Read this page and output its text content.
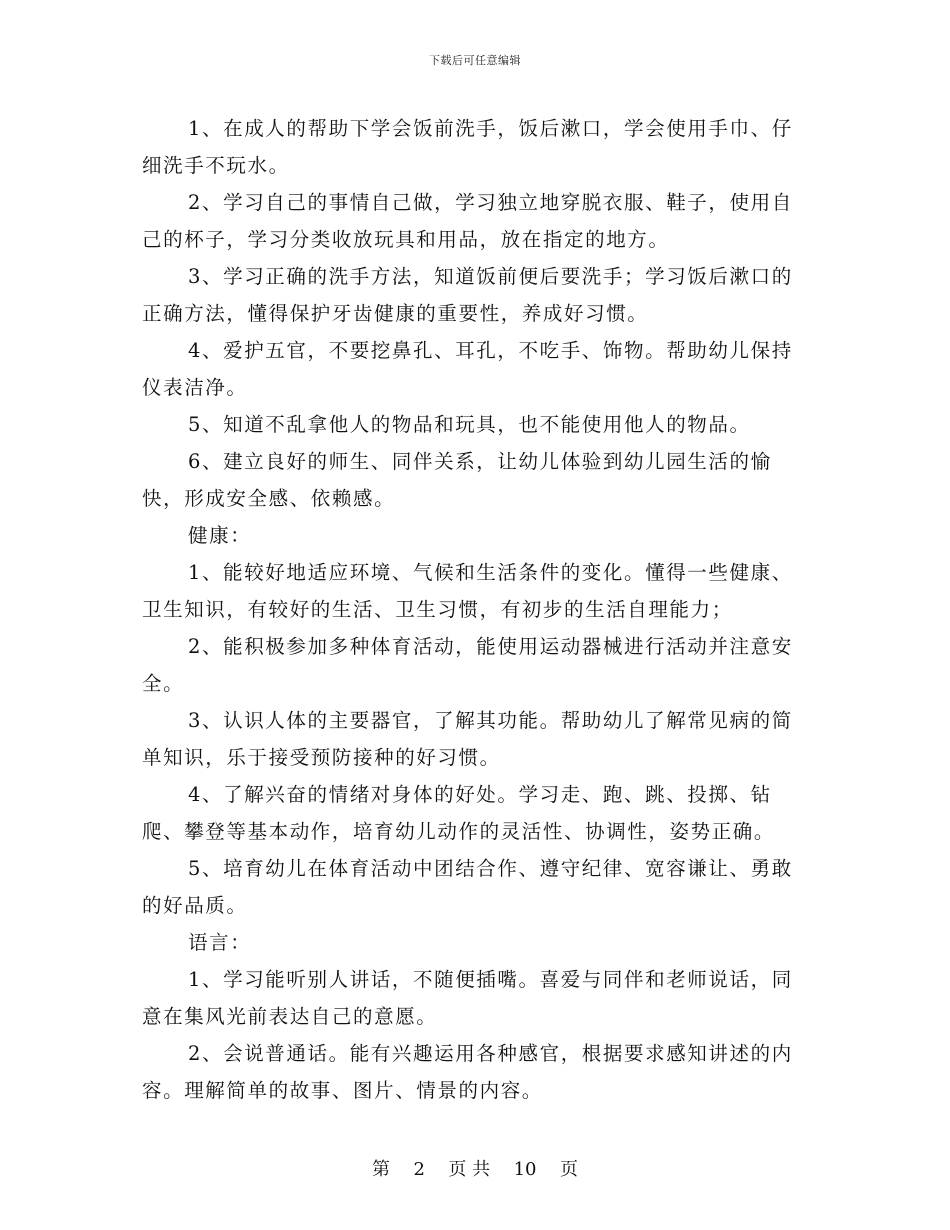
下载后可任意编辑

1、在成人的帮助下学会饭前洗手，饭后漱口，学会使用手巾、仔细洗手不玩水。

2、学习自己的事情自己做，学习独立地穿脱衣服、鞋子，使用自己的杯子，学习分类收放玩具和用品，放在指定的地方。

3、学习正确的洗手方法，知道饭前便后要洗手；学习饭后漱口的正确方法，懂得保护牙齿健康的重要性，养成好习惯。

4、爱护五官，不要挖鼻孔、耳孔，不吃手、饰物。帮助幼儿保持仪表洁净。

5、知道不乱拿他人的物品和玩具，也不能使用他人的物品。

6、建立良好的师生、同伴关系，让幼儿体验到幼儿园生活的愉快，形成安全感、依赖感。

健康：

1、能较好地适应环境、气候和生活条件的变化。懂得一些健康、卫生知识，有较好的生活、卫生习惯，有初步的生活自理能力；

2、能积极参加多种体育活动，能使用运动器械进行活动并注意安全。

3、认识人体的主要器官，了解其功能。帮助幼儿了解常见病的简单知识，乐于接受预防接种的好习惯。

4、了解兴奋的情绪对身体的好处。学习走、跑、跳、投掷、钻爬、攀登等基本动作，培育幼儿动作的灵活性、协调性，姿势正确。

5、培育幼儿在体育活动中团结合作、遵守纪律、宽容谦让、勇敢的好品质。

语言：

1、学习能听别人讲话，不随便插嘴。喜爱与同伴和老师说话，同意在集风光前表达自己的意愿。

2、会说普通话。能有兴趣运用各种感官，根据要求感知讲述的内容。理解简单的故事、图片、情景的内容。

第 2 页 共 10 页
